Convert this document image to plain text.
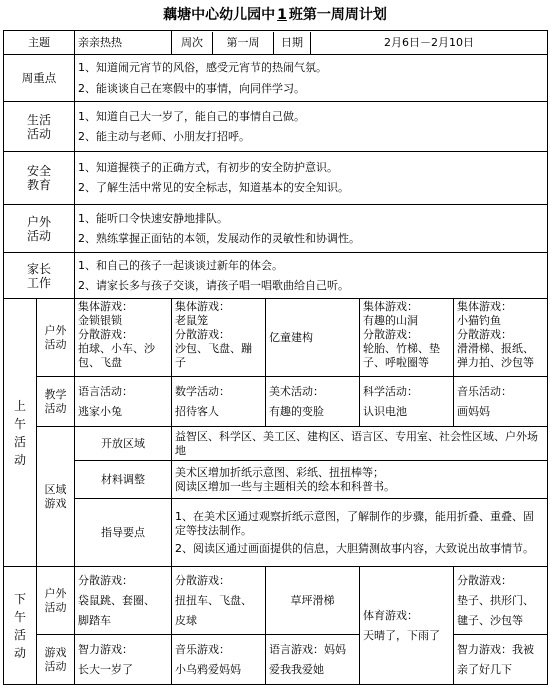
藕塘中心幼儿园中 1 班第一周周计划
主题		亲亲热热	周次 第一周 日期 2月6日－2月10日			

周重点		1、知道闹元宵节的风俗，感受元宵节的热闹气氛。
2、能谈谈自己在寒假中的事情，向同伴学习。				

生活
活动		1、知道自己大一岁了，能自己的事情自己做。
2、能主动与老师、小朋友打招呼。				

安全
教育		1、知道握筷子的正确方式，有初步的安全防护意识。
2、了解生活中常见的安全标志，知道基本的安全知识。				

户外
活动		1、能听口令快速安静地排队。
2、熟练掌握正面钻的本领，发展动作的灵敏性和协调性。				

家长
工作		1、和自己的孩子一起谈谈过新年的体会。
2、请家长多与孩子交谈，请孩子唱一唱歌曲给自己听。				

上
午
活
动	户外
活动	集体游戏：
金锁银锁
分散游戏：
拍球、小车、沙
包、飞盘	集体游戏：
老鼠笼
分散游戏：
沙包、飞盘、蹦
子	亿童建构	集体游戏：
有趣的山洞
分散游戏：
轮胎、竹梯、垫
子、呼啦圈等	集体游戏：
小猫钓鱼
分散游戏：
滑滑梯、报纸、
弹力拍、沙包等

	教学
活动	语言活动：
逃家小兔	数学活动：
招待客人	美术活动：
有趣的变脸	科学活动：
认识电池	音乐活动：
画妈妈

	区域
游戏	开放区域	益智区、科学区、美工区、建构区、语言区、专用室、社会性区域、户外场地			
		材料调整	美术区增加折纸示意图、彩纸、扭扭棒等；
阅读区增加一些与主题相关的绘本和科普书。			

		指导要点	1、在美术区通过观察折纸示意图，了解制作的步骤，能用折叠、重叠、固定等技法制作。
2、阅读区通过画面提供的信息，大胆猜测故事内容，大致说出故事情节。			

下
午
活
动	户外
活动	分散游戏：
袋鼠跳、套圈、
脚踏车	分散游戏：
扭扭车、飞盘、
皮球	草坪滑梯	体育游戏：
天晴了，下雨了	分散游戏：
垫子、拱形门、
毽子、沙包等

	游戏
活动	智力游戏：
长大一岁了	音乐游戏：
小乌鸦爱妈妈	语言游戏：妈妈
爱我我爱她		智力游戏：我被
亲了好几下
